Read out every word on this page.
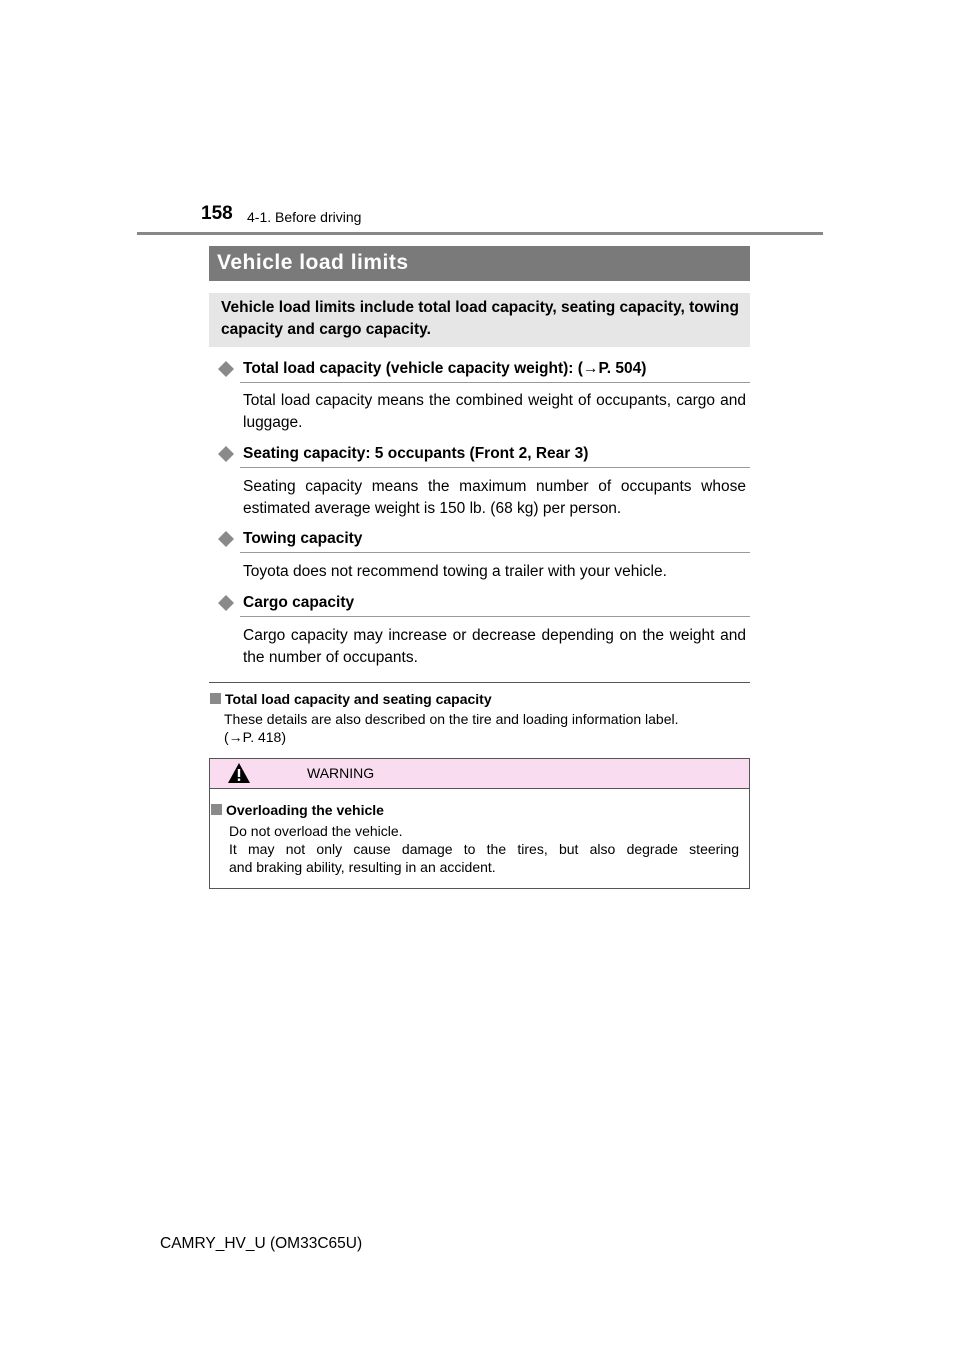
158 4-1. Before driving
Vehicle load limits
Vehicle load limits include total load capacity, seating capacity, towing capacity and cargo capacity.
Total load capacity (vehicle capacity weight): (→P. 504)
Total load capacity means the combined weight of occupants, cargo and luggage.
Seating capacity: 5 occupants (Front 2, Rear 3)
Seating capacity means the maximum number of occupants whose estimated average weight is 150 lb. (68 kg) per person.
Towing capacity
Toyota does not recommend towing a trailer with your vehicle.
Cargo capacity
Cargo capacity may increase or decrease depending on the weight and the number of occupants.
Total load capacity and seating capacity
These details are also described on the tire and loading information label.
(→P. 418)
WARNING
Overloading the vehicle
Do not overload the vehicle.
It may not only cause damage to the tires, but also degrade steering
and braking ability, resulting in an accident.
CAMRY_HV_U (OM33C65U)
